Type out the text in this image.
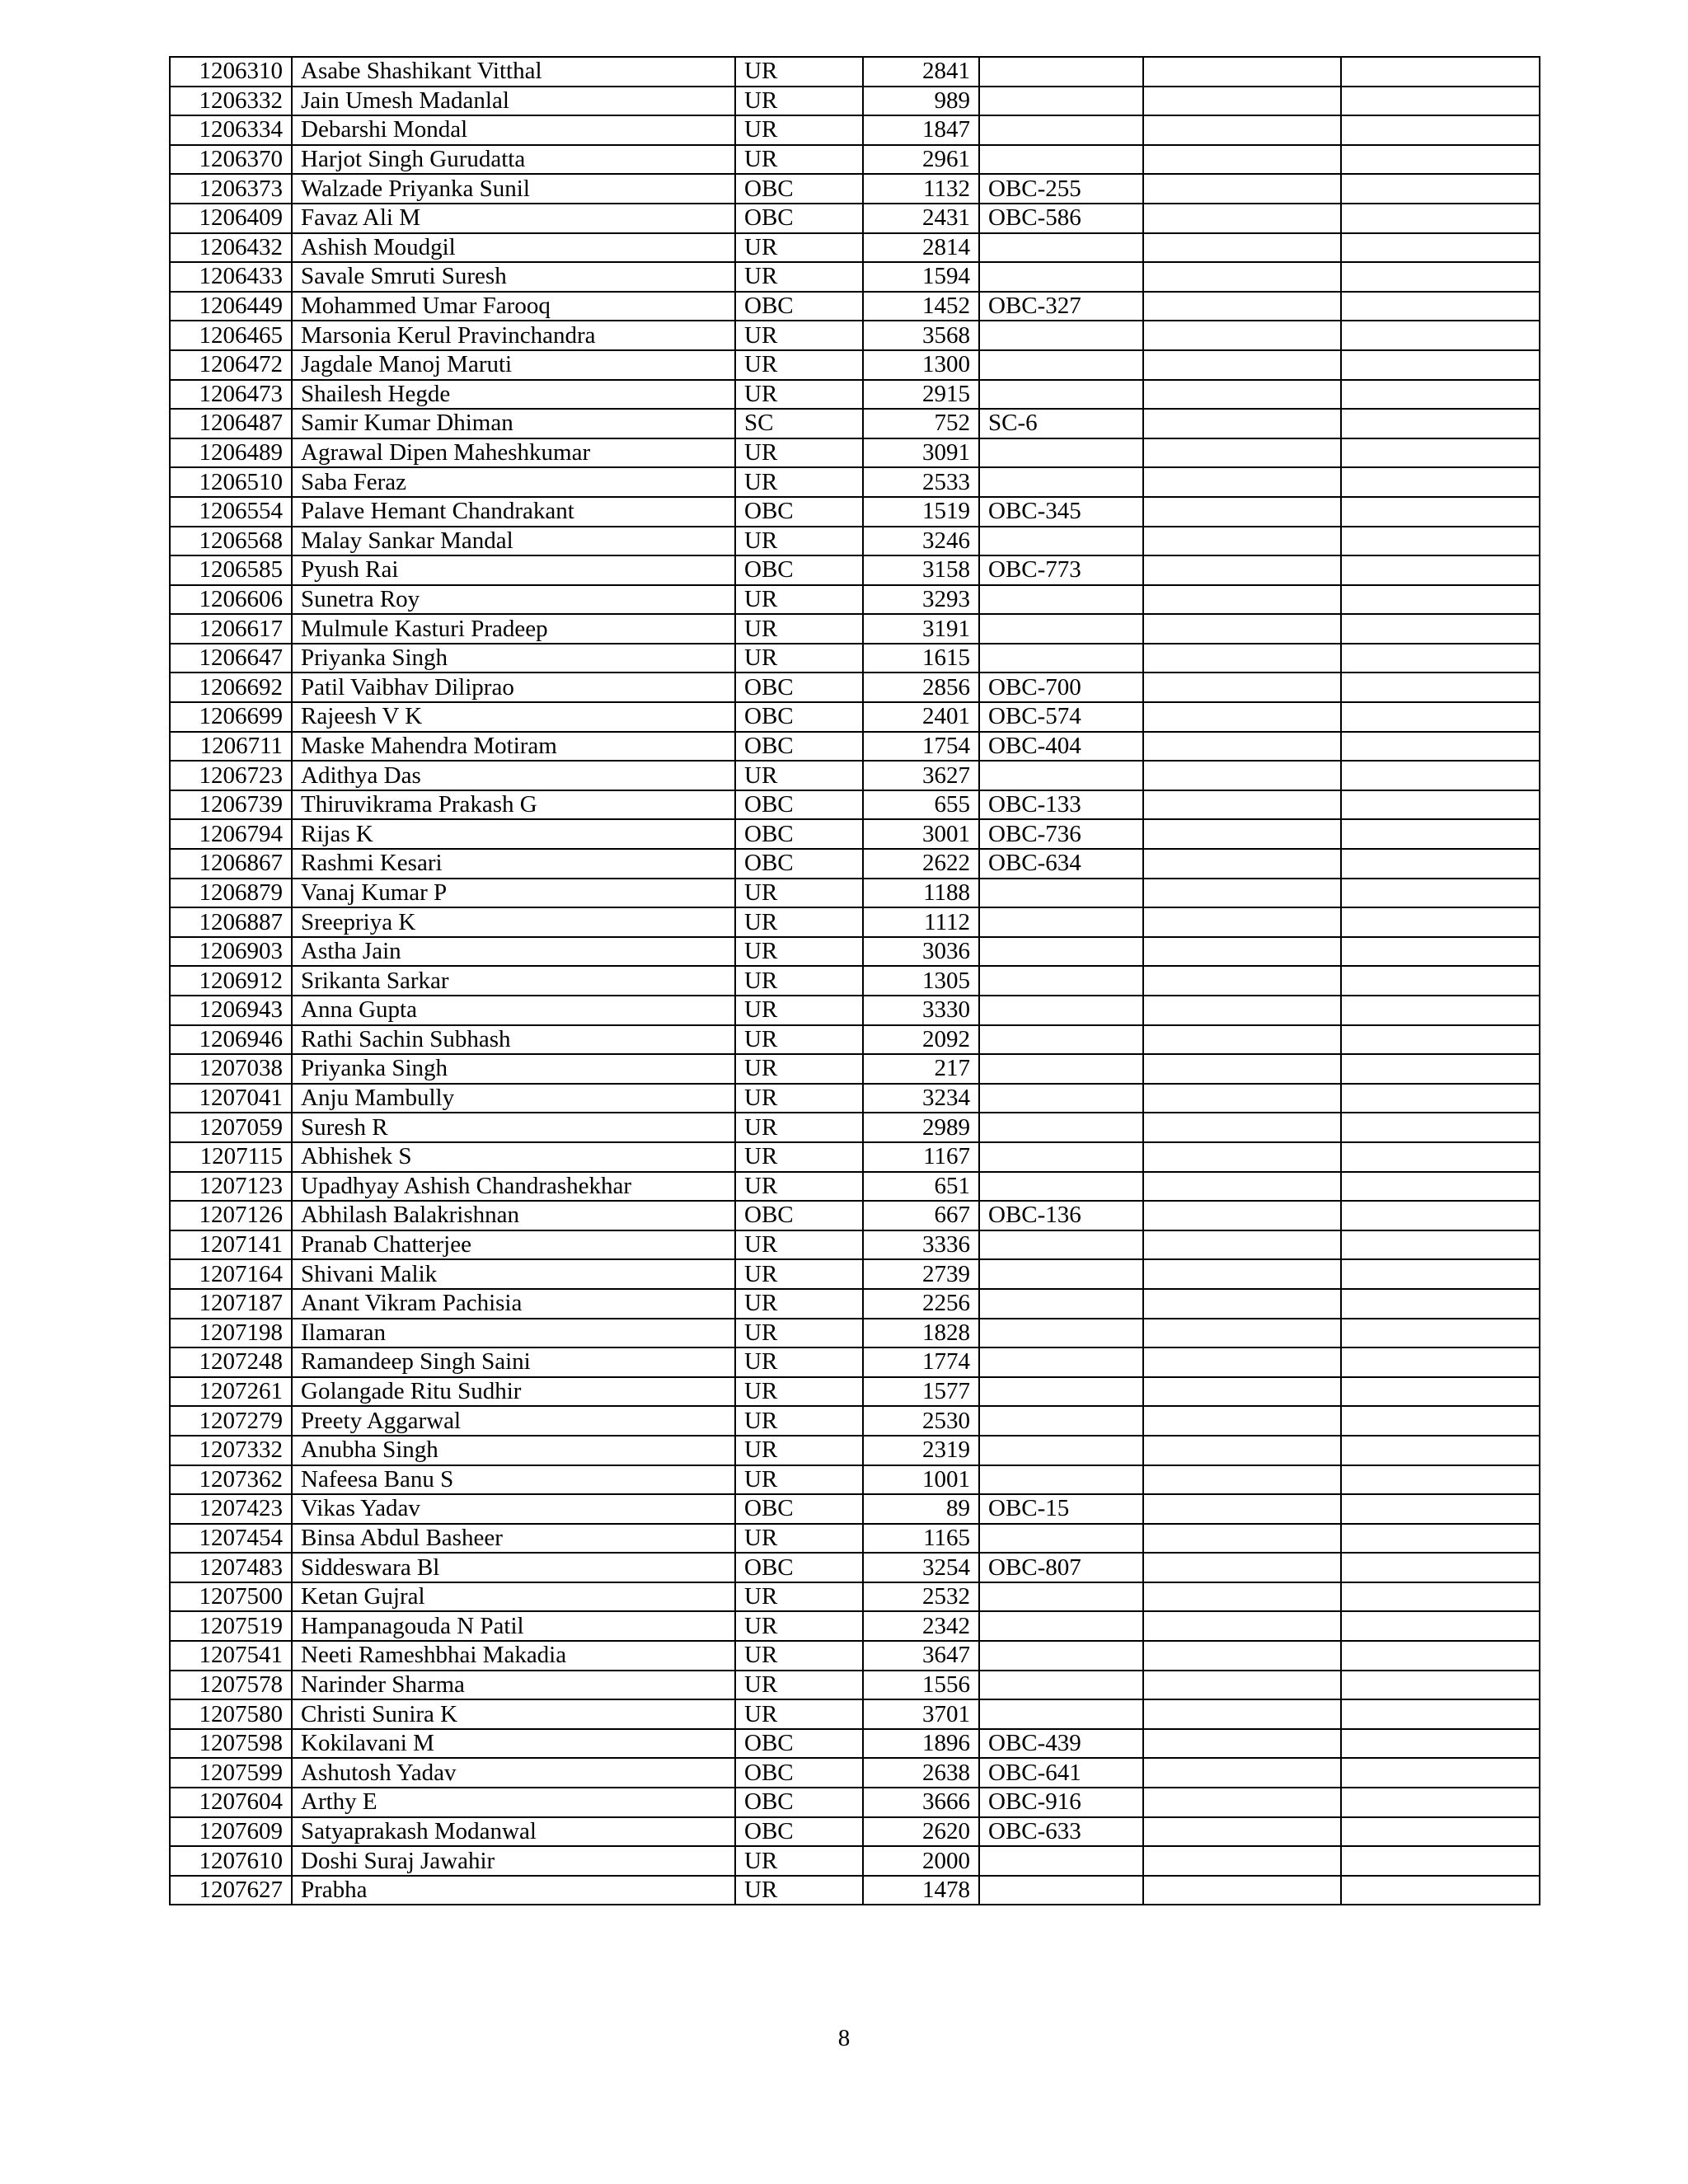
1206310	Asabe Shashikant Vitthal	UR	2841			
1206332	Jain Umesh Madanlal	UR	989			
1206334	Debarshi Mondal	UR	1847			
1206370	Harjot Singh Gurudatta	UR	2961			
1206373	Walzade Priyanka Sunil	OBC	1132	OBC-255		
1206409	Favaz Ali M	OBC	2431	OBC-586		
1206432	Ashish Moudgil	UR	2814			
1206433	Savale Smruti Suresh	UR	1594			
1206449	Mohammed Umar Farooq	OBC	1452	OBC-327		
1206465	Marsonia Kerul Pravinchandra	UR	3568			
1206472	Jagdale Manoj Maruti	UR	1300			
1206473	Shailesh Hegde	UR	2915			
1206487	Samir Kumar Dhiman	SC	752	SC-6		
1206489	Agrawal Dipen Maheshkumar	UR	3091			
1206510	Saba Feraz	UR	2533			
1206554	Palave Hemant Chandrakant	OBC	1519	OBC-345		
1206568	Malay Sankar Mandal	UR	3246			
1206585	Pyush Rai	OBC	3158	OBC-773		
1206606	Sunetra Roy	UR	3293			
1206617	Mulmule Kasturi Pradeep	UR	3191			
1206647	Priyanka Singh	UR	1615			
1206692	Patil Vaibhav Diliprao	OBC	2856	OBC-700		
1206699	Rajeesh V K	OBC	2401	OBC-574		
1206711	Maske Mahendra Motiram	OBC	1754	OBC-404		
1206723	Adithya Das	UR	3627			
1206739	Thiruvikrama Prakash G	OBC	655	OBC-133		
1206794	Rijas K	OBC	3001	OBC-736		
1206867	Rashmi Kesari	OBC	2622	OBC-634		
1206879	Vanaj Kumar P	UR	1188			
1206887	Sreepriya K	UR	1112			
1206903	Astha Jain	UR	3036			
1206912	Srikanta Sarkar	UR	1305			
1206943	Anna Gupta	UR	3330			
1206946	Rathi Sachin Subhash	UR	2092			
1207038	Priyanka Singh	UR	217			
1207041	Anju Mambully	UR	3234			
1207059	Suresh R	UR	2989			
1207115	Abhishek S	UR	1167			
1207123	Upadhyay Ashish Chandrashekhar	UR	651			
1207126	Abhilash Balakrishnan	OBC	667	OBC-136		
1207141	Pranab Chatterjee	UR	3336			
1207164	Shivani Malik	UR	2739			
1207187	Anant Vikram Pachisia	UR	2256			
1207198	Ilamaran	UR	1828			
1207248	Ramandeep Singh Saini	UR	1774			
1207261	Golangade Ritu Sudhir	UR	1577			
1207279	Preety Aggarwal	UR	2530			
1207332	Anubha Singh	UR	2319			
1207362	Nafeesa Banu S	UR	1001			
1207423	Vikas Yadav	OBC	89	OBC-15		
1207454	Binsa Abdul Basheer	UR	1165			
1207483	Siddeswara Bl	OBC	3254	OBC-807		
1207500	Ketan Gujral	UR	2532			
1207519	Hampanagouda N Patil	UR	2342			
1207541	Neeti Rameshbhai Makadia	UR	3647			
1207578	Narinder Sharma	UR	1556			
1207580	Christi Sunira K	UR	3701			
1207598	Kokilavani M	OBC	1896	OBC-439		
1207599	Ashutosh Yadav	OBC	2638	OBC-641		
1207604	Arthy E	OBC	3666	OBC-916		
1207609	Satyaprakash Modanwal	OBC	2620	OBC-633		
1207610	Doshi Suraj Jawahir	UR	2000			
1207627	Prabha	UR	1478			
8
